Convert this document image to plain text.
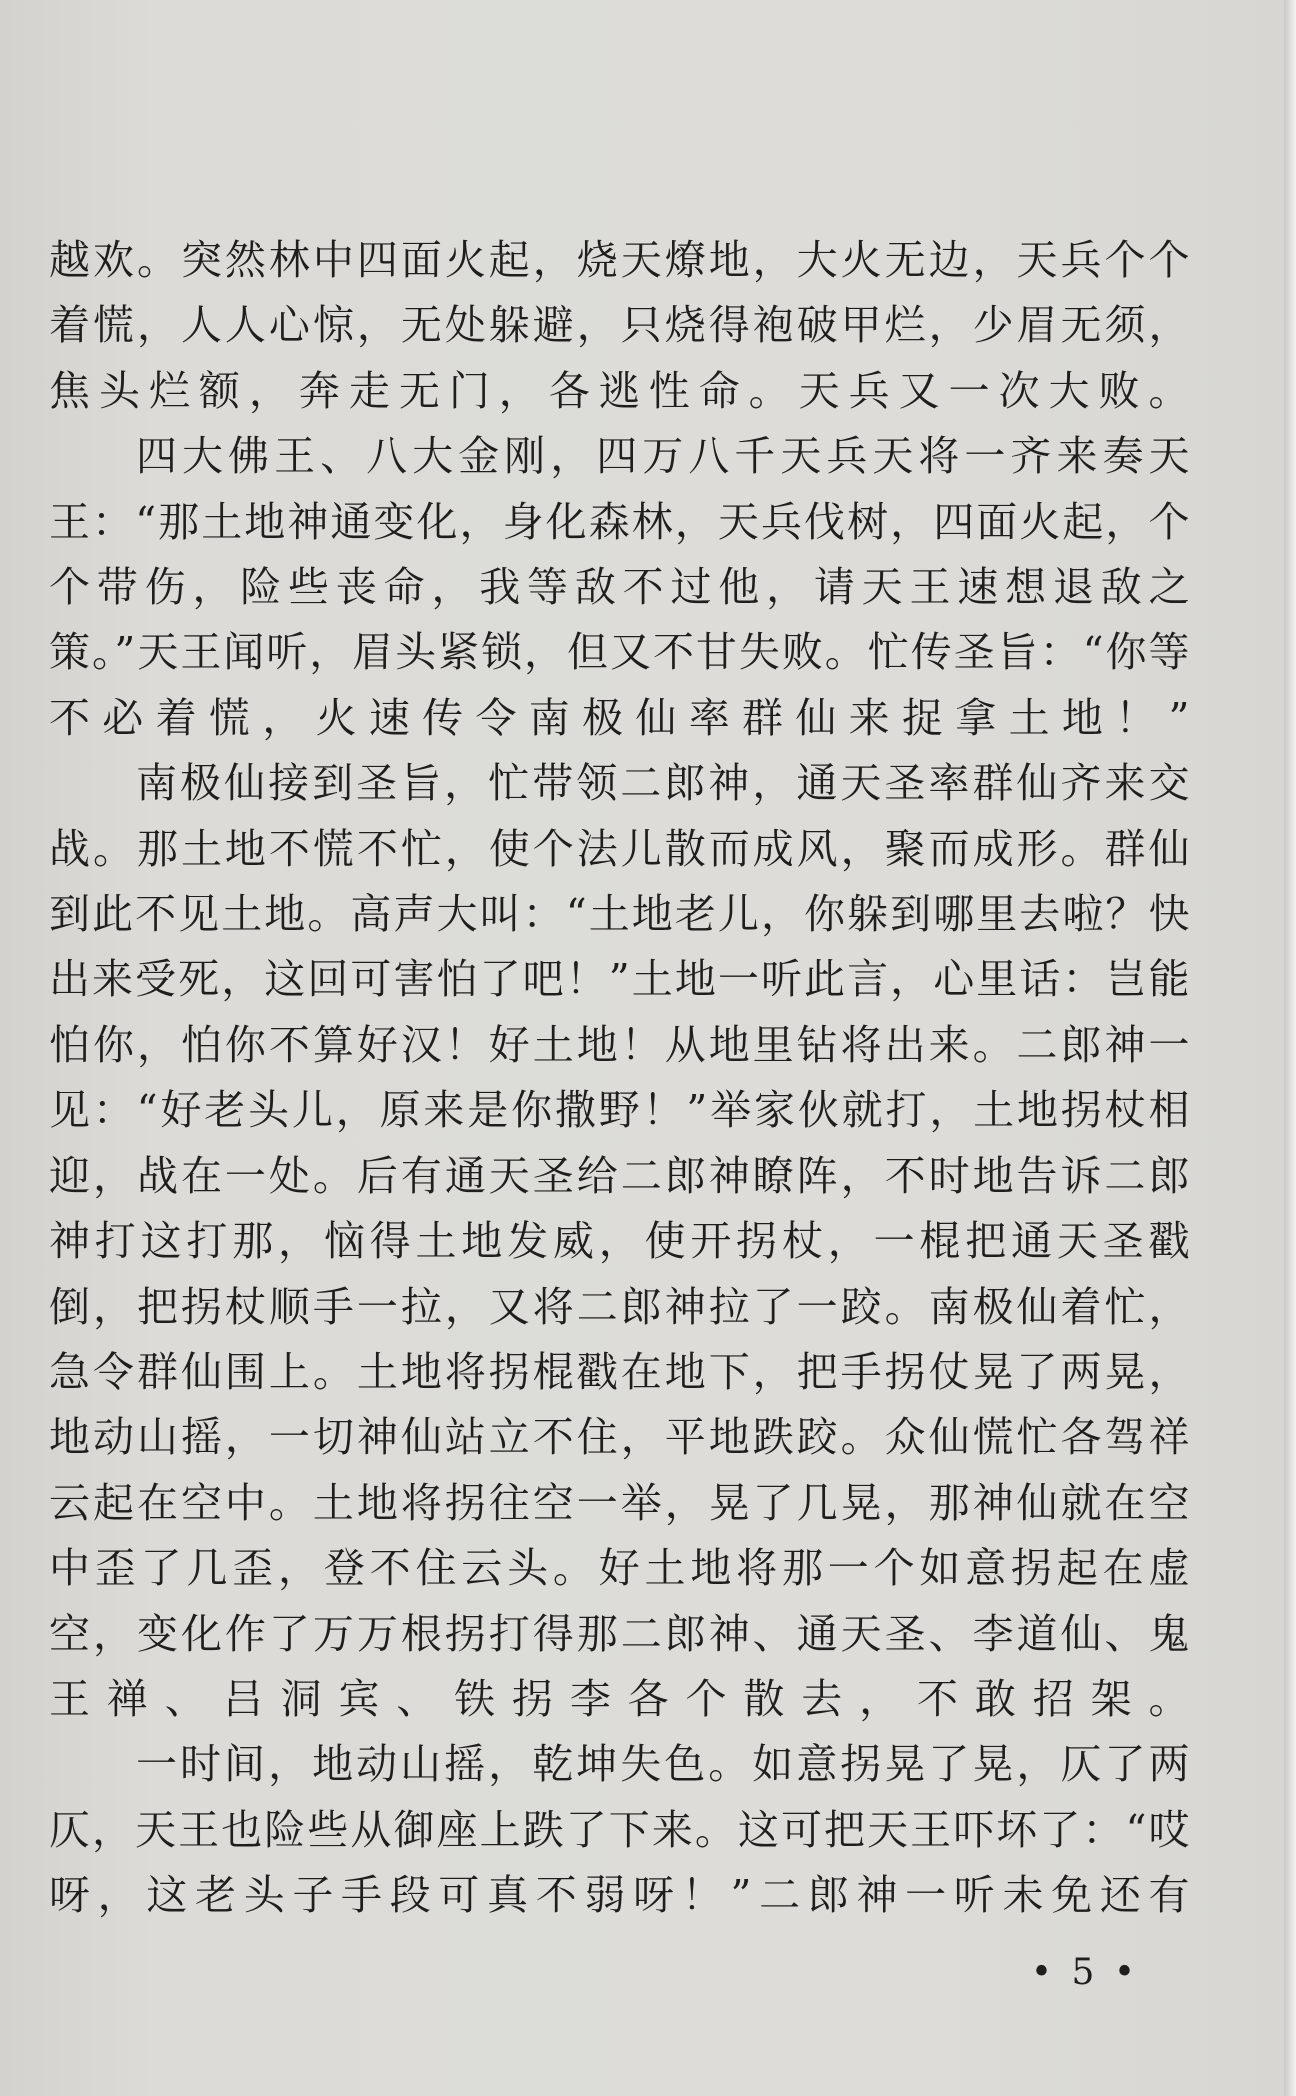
越欢。突然林中四面火起，烧天燎地，大火无边，天兵个个着慌，人人心惊，无处躲避，只烧得袍破甲烂，少眉无须，焦头烂额，奔走无门，各逃性命。天兵又一次大败。

四大佛王、八大金刚，四万八千天兵天将一齐来奏天王：“那土地神通变化，身化森林，天兵伐树，四面火起，个个带伤，险些丧命，我等敌不过他，请天王速想退敌之策。”天王闻听，眉头紧锁，但又不甘失败。忙传圣旨：“你等不必着慌，火速传令南极仙率群仙来捉拿土地！”

南极仙接到圣旨，忙带领二郎神，通天圣率群仙齐来交战。那土地不慌不忙，使个法儿散而成风，聚而成形。群仙到此不见土地。高声大叫：“土地老儿，你躲到哪里去啦？快出来受死，这回可害怕了吧！”土地一听此言，心里话：岂能怕你，怕你不算好汉！好土地！从地里钻将出来。二郎神一见：“好老头儿，原来是你撒野！”举家伙就打，土地拐杖相迎，战在一处。后有通天圣给二郎神瞭阵，不时地告诉二郎神打这打那，恼得土地发威，使开拐杖，一棍把通天圣戳倒，把拐杖顺手一拉，又将二郎神拉了一跤。南极仙着忙，急令群仙围上。土地将拐棍戳在地下，把手拐仗晃了两晃，地动山摇，一切神仙站立不住，平地跌跤。众仙慌忙各驾祥云起在空中。土地将拐往空一举，晃了几晃，那神仙就在空中歪了几歪，登不住云头。好土地将那一个如意拐起在虚空，变化作了万万根拐打得那二郎神、通天圣、李道仙、鬼王禅、吕洞宾、铁拐李各个散去，不敢招架。

一时间，地动山摇，乾坤失色。如意拐晃了晃，仄了两仄，天王也险些从御座上跌了下来。这可把天王吓坏了：“哎呀，这老头子手段可真不弱呀！”二郎神一听未免还有

• 5 •
